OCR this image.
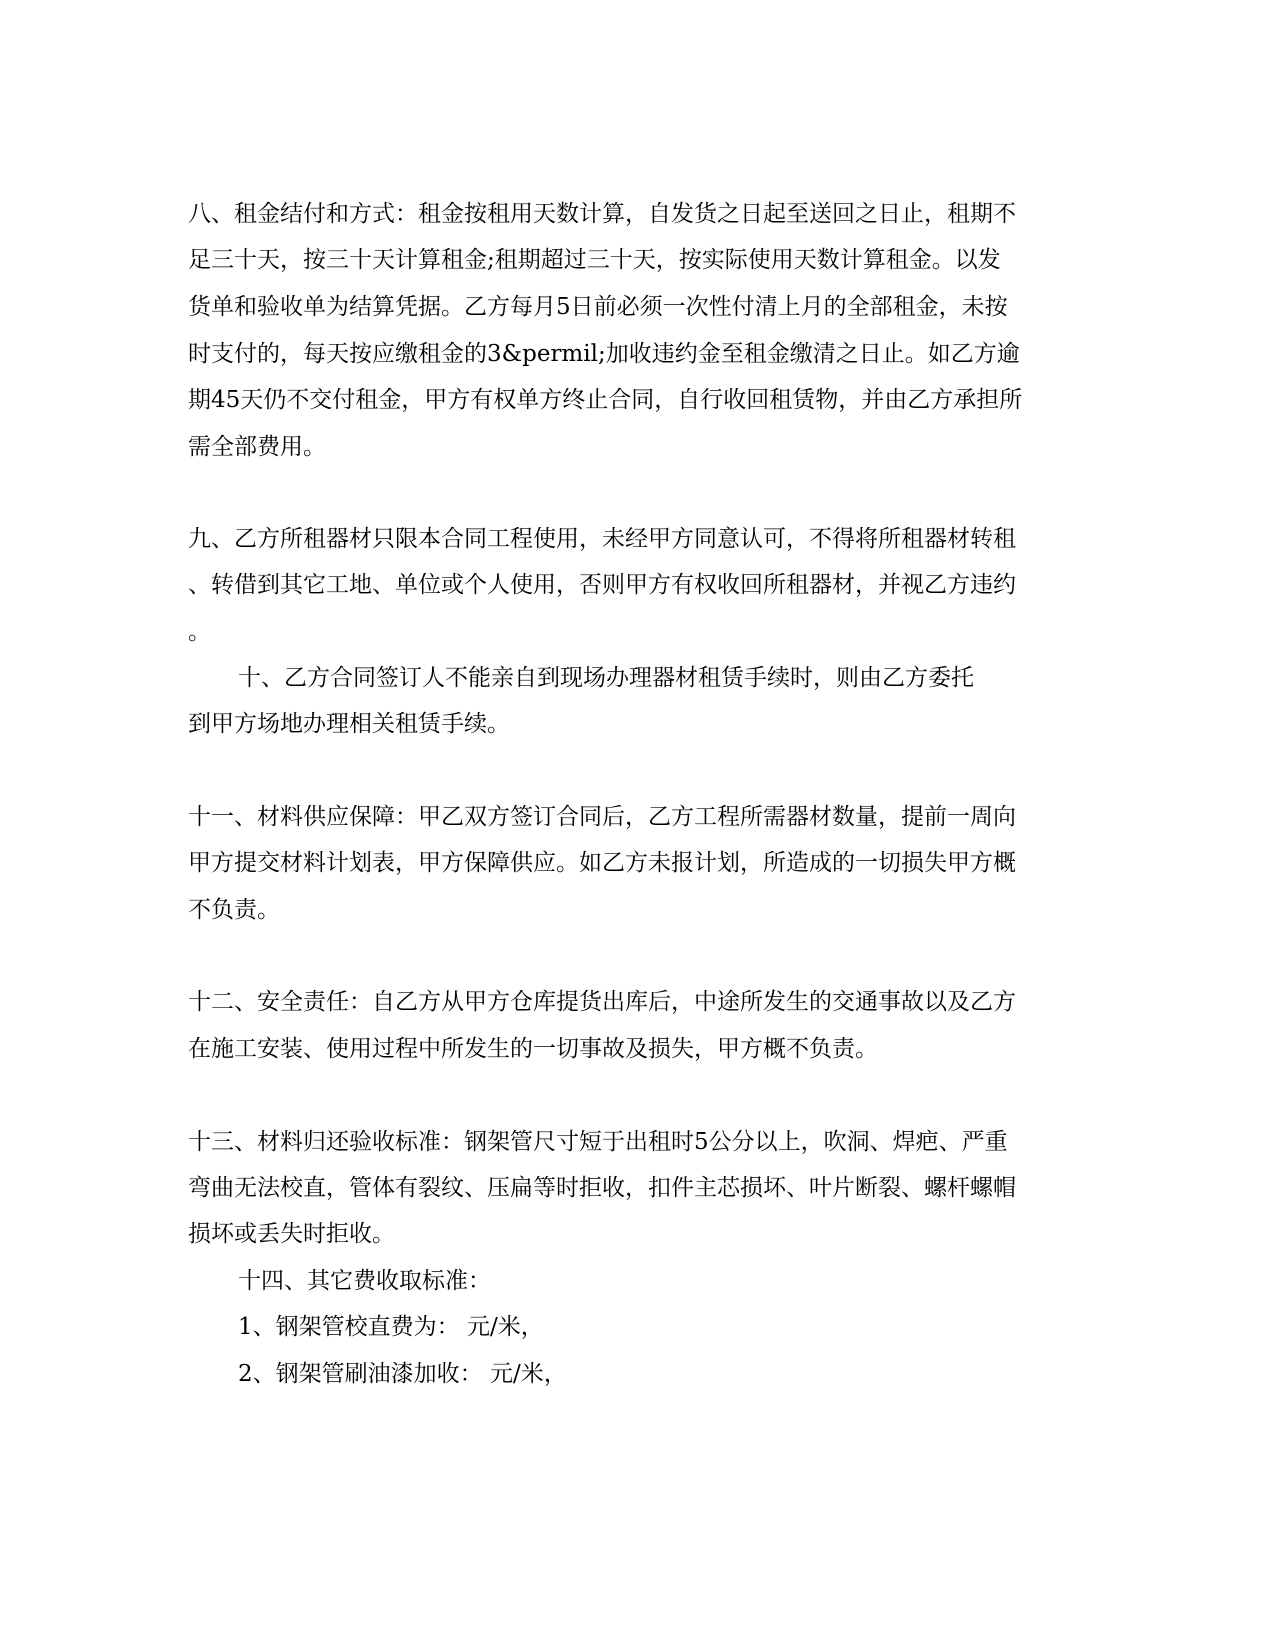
八、租金结付和方式：租金按租用天数计算，自发货之日起至送回之日止，租期不

足三十天，按三十天计算租金;租期超过三十天，按实际使用天数计算租金。以发

货单和验收单为结算凭据。乙方每月5日前必须一次性付清上月的全部租金，未按

时支付的，每天按应缴租金的3&permil;加收违约金至租金缴清之日止。如乙方逾

期45天仍不交付租金，甲方有权单方终止合同，自行收回租赁物，并由乙方承担所

需全部费用。

九、乙方所租器材只限本合同工程使用，未经甲方同意认可，不得将所租器材转租

、转借到其它工地、单位或个人使用，否则甲方有权收回所租器材，并视乙方违约

。

十、乙方合同签订人不能亲自到现场办理器材租赁手续时，则由乙方委托

到甲方场地办理相关租赁手续。

十一、材料供应保障：甲乙双方签订合同后，乙方工程所需器材数量，提前一周向

甲方提交材料计划表，甲方保障供应。如乙方未报计划，所造成的一切损失甲方概

不负责。

十二、安全责任：自乙方从甲方仓库提货出库后，中途所发生的交通事故以及乙方

在施工安装、使用过程中所发生的一切事故及损失，甲方概不负责。

十三、材料归还验收标准：钢架管尺寸短于出租时5公分以上，吹洞、焊疤、严重

弯曲无法校直，管体有裂纹、压扁等时拒收，扣件主芯损坏、叶片断裂、螺杆螺帽

损坏或丢失时拒收。

十四、其它费收取标准：

1、钢架管校直费为： 元/米，

2、钢架管刷油漆加收： 元/米，
